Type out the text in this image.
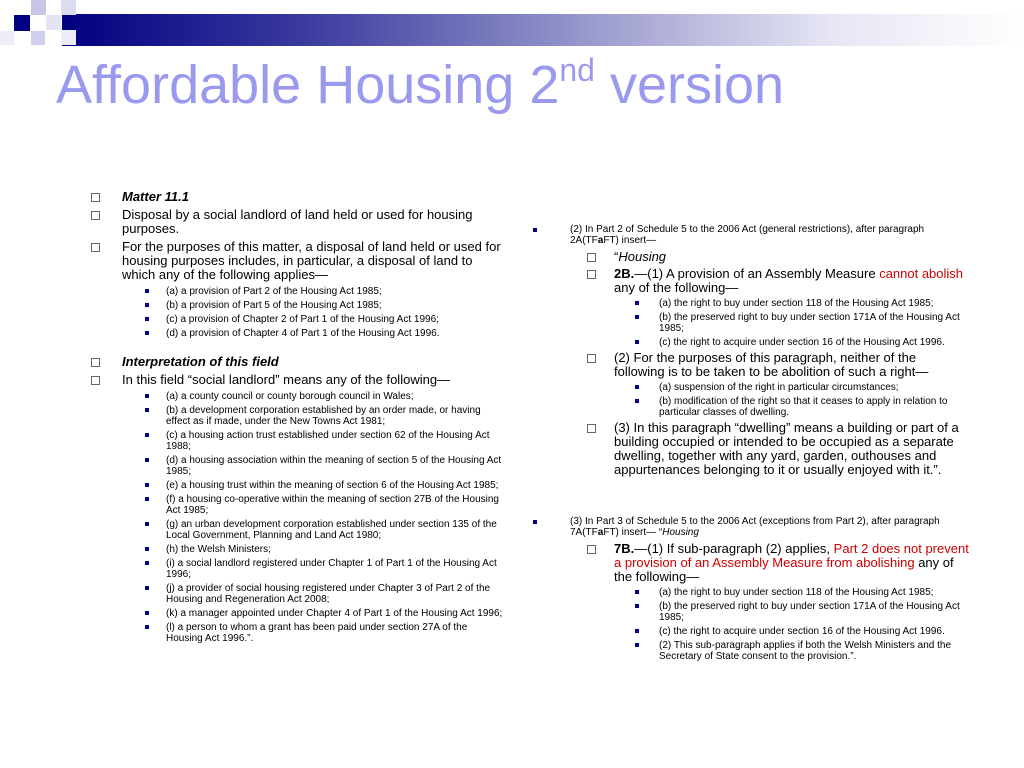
Affordable Housing 2nd version

Matter 11.1

Disposal by a social landlord of land held or used for housing purposes.

For the purposes of this matter, a disposal of land held or used for housing purposes includes, in particular, a disposal of land to which any of the following applies—

(a) a provision of Part 2 of the Housing Act 1985;

(b) a provision of Part 5 of the Housing Act 1985;

(c) a provision of Chapter 2 of Part 1 of the Housing Act 1996;

(d) a provision of Chapter 4 of Part 1 of the Housing Act 1996.

Interpretation of this field

In this field “social landlord” means any of the following—

(a) a county council or county borough council in Wales;

(b) a development corporation established by an order made, or having effect as if made, under the New Towns Act 1981;

(c) a housing action trust established under section 62 of the Housing Act 1988;

(d) a housing association within the meaning of section 5 of the Housing Act 1985;

(e) a housing trust within the meaning of section 6 of the Housing Act 1985;

(f) a housing co-operative within the meaning of section 27B of the Housing Act 1985;

(g) an urban development corporation established under section 135 of the Local Government, Planning and Land Act 1980;

(h) the Welsh Ministers;

(i) a social landlord registered under Chapter 1 of Part 1 of the Housing Act 1996;

(j) a provider of social housing registered under Chapter 3 of Part 2 of the Housing and Regeneration Act 2008;

(k) a manager appointed under Chapter 4 of Part 1 of the Housing Act 1996;

(l) a person to whom a grant has been paid under section 27A of the Housing Act 1996.”.

(2) In Part 2 of Schedule 5 to the 2006 Act (general restrictions), after paragraph 2A(TFaFT) insert—

“Housing

2B.—(1) A provision of an Assembly Measure cannot abolish any of the following—

(a) the right to buy under section 118 of the Housing Act 1985;

(b) the preserved right to buy under section 171A of the Housing Act 1985;

(c) the right to acquire under section 16 of the Housing Act 1996.

(2) For the purposes of this paragraph, neither of the following is to be taken to be abolition of such a right—

(a) suspension of the right in particular circumstances;

(b) modification of the right so that it ceases to apply in relation to particular classes of dwelling.

(3) In this paragraph “dwelling” means a building or part of a building occupied or intended to be occupied as a separate dwelling, together with any yard, garden, outhouses and appurtenances belonging to it or usually enjoyed with it.”.

(3) In Part 3 of Schedule 5 to the 2006 Act (exceptions from Part 2), after paragraph 7A(TFaFT) insert— “Housing

7B.—(1) If sub-paragraph (2) applies, Part 2 does not prevent a provision of an Assembly Measure from abolishing any of the following—

(a) the right to buy under section 118 of the Housing Act 1985;

(b) the preserved right to buy under section 171A of the Housing Act 1985;

(c) the right to acquire under section 16 of the Housing Act 1996.

(2) This sub-paragraph applies if both the Welsh Ministers and the Secretary of State consent to the provision.”.
